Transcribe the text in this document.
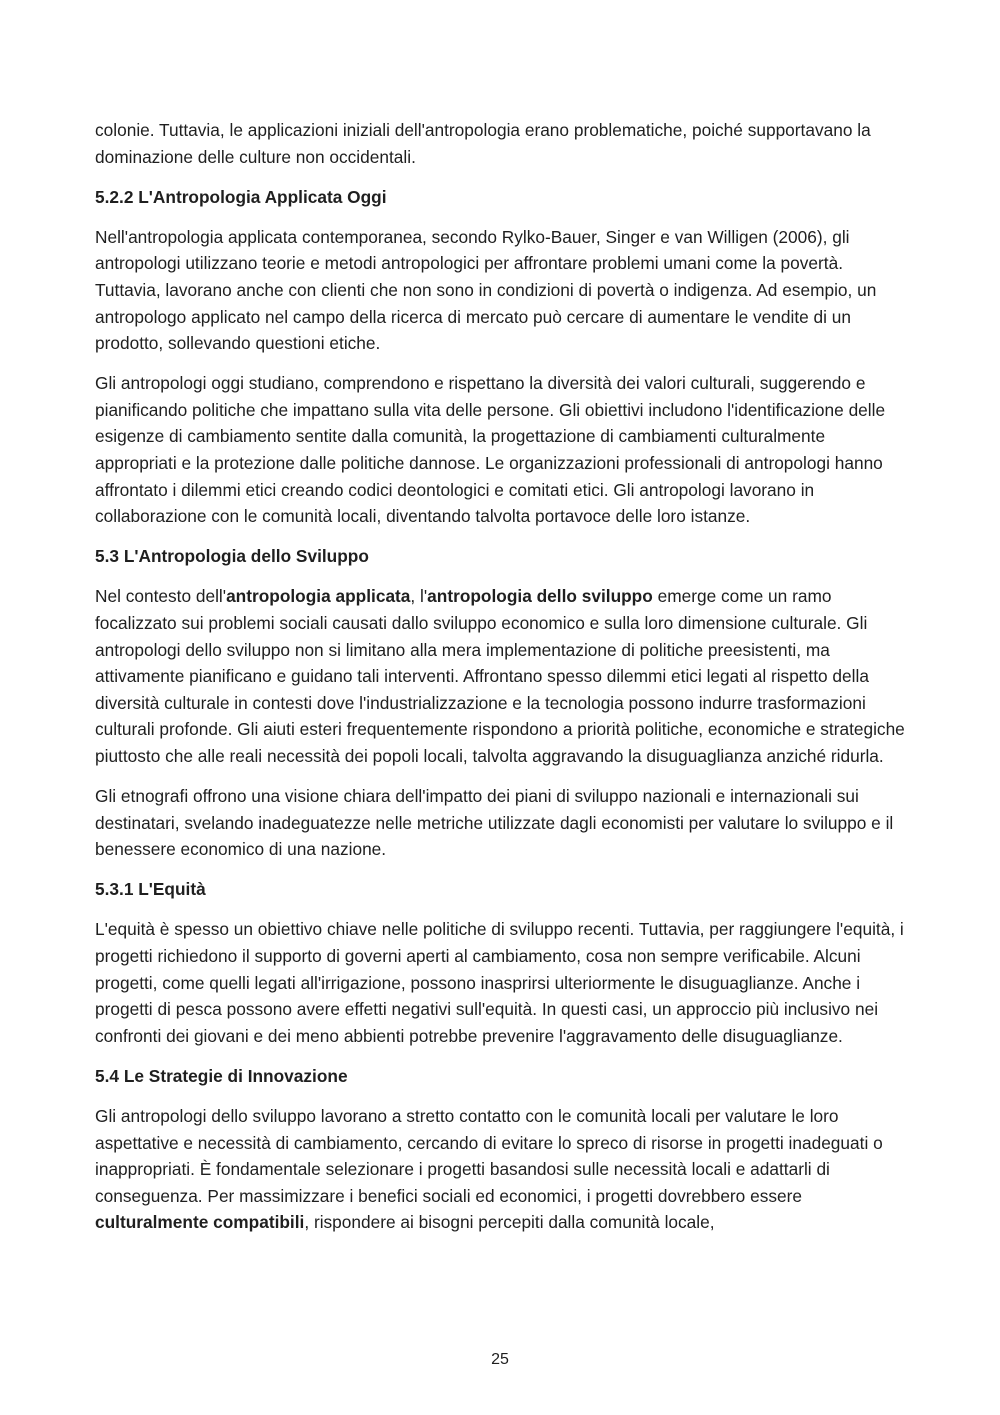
colonie. Tuttavia, le applicazioni iniziali dell'antropologia erano problematiche, poiché supportavano la dominazione delle culture non occidentali.

5.2.2 L'Antropologia Applicata Oggi

Nell'antropologia applicata contemporanea, secondo Rylko-Bauer, Singer e van Willigen (2006), gli antropologi utilizzano teorie e metodi antropologici per affrontare problemi umani come la povertà. Tuttavia, lavorano anche con clienti che non sono in condizioni di povertà o indigenza. Ad esempio, un antropologo applicato nel campo della ricerca di mercato può cercare di aumentare le vendite di un prodotto, sollevando questioni etiche.

Gli antropologi oggi studiano, comprendono e rispettano la diversità dei valori culturali, suggerendo e pianificando politiche che impattano sulla vita delle persone. Gli obiettivi includono l'identificazione delle esigenze di cambiamento sentite dalla comunità, la progettazione di cambiamenti culturalmente appropriati e la protezione dalle politiche dannose. Le organizzazioni professionali di antropologi hanno affrontato i dilemmi etici creando codici deontologici e comitati etici. Gli antropologi lavorano in collaborazione con le comunità locali, diventando talvolta portavoce delle loro istanze.

5.3 L'Antropologia dello Sviluppo

Nel contesto dell'antropologia applicata, l'antropologia dello sviluppo emerge come un ramo focalizzato sui problemi sociali causati dallo sviluppo economico e sulla loro dimensione culturale. Gli antropologi dello sviluppo non si limitano alla mera implementazione di politiche preesistenti, ma attivamente pianificano e guidano tali interventi. Affrontano spesso dilemmi etici legati al rispetto della diversità culturale in contesti dove l'industrializzazione e la tecnologia possono indurre trasformazioni culturali profonde. Gli aiuti esteri frequentemente rispondono a priorità politiche, economiche e strategiche piuttosto che alle reali necessità dei popoli locali, talvolta aggravando la disuguaglianza anziché ridurla.

Gli etnografi offrono una visione chiara dell'impatto dei piani di sviluppo nazionali e internazionali sui destinatari, svelando inadeguatezze nelle metriche utilizzate dagli economisti per valutare lo sviluppo e il benessere economico di una nazione.

5.3.1 L'Equità

L'equità è spesso un obiettivo chiave nelle politiche di sviluppo recenti. Tuttavia, per raggiungere l'equità, i progetti richiedono il supporto di governi aperti al cambiamento, cosa non sempre verificabile. Alcuni progetti, come quelli legati all'irrigazione, possono inasprirsi ulteriormente le disuguaglianze. Anche i progetti di pesca possono avere effetti negativi sull'equità. In questi casi, un approccio più inclusivo nei confronti dei giovani e dei meno abbienti potrebbe prevenire l'aggravamento delle disuguaglianze.

5.4 Le Strategie di Innovazione

Gli antropologi dello sviluppo lavorano a stretto contatto con le comunità locali per valutare le loro aspettative e necessità di cambiamento, cercando di evitare lo spreco di risorse in progetti inadeguati o inappropriati. È fondamentale selezionare i progetti basandosi sulle necessità locali e adattarli di conseguenza. Per massimizzare i benefici sociali ed economici, i progetti dovrebbero essere culturalmente compatibili, rispondere ai bisogni percepiti dalla comunità locale,

25
